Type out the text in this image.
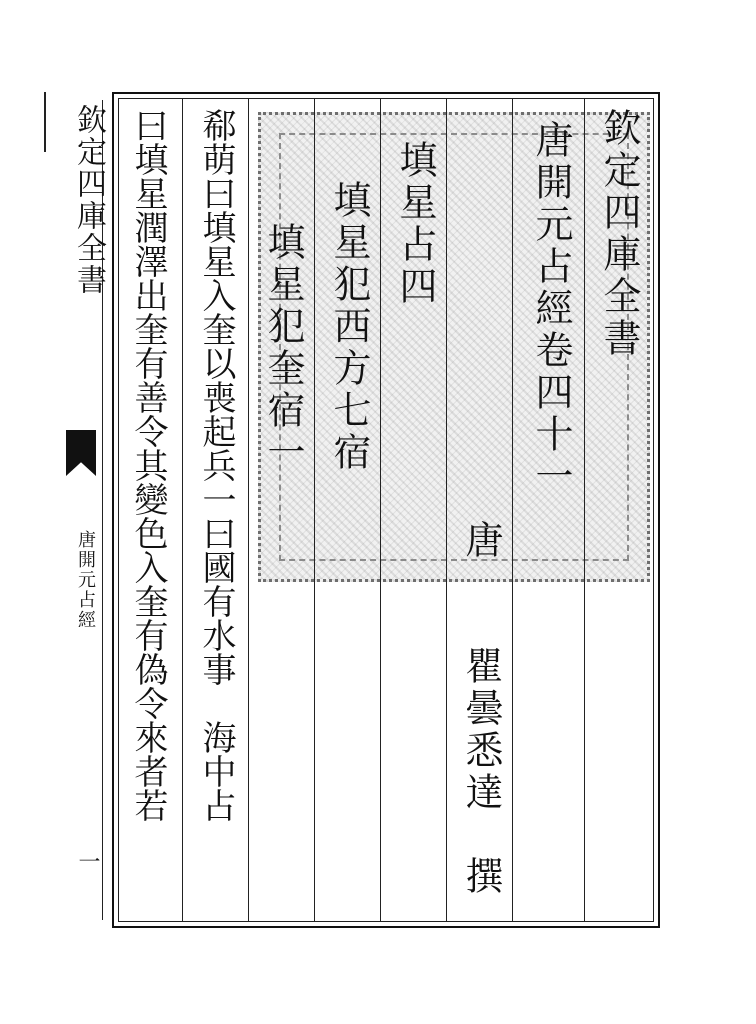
欽定四庫全書
唐開元占經
一
欽定四庫全書
唐開元占經卷四十一
唐　　瞿曇悉達　撰
填星占四
填星犯西方七宿
填星犯奎宿一
郗萌曰填星入奎以喪起兵一曰國有水事　海中占
曰填星潤澤出奎有善令其變色入奎有偽令來者若
